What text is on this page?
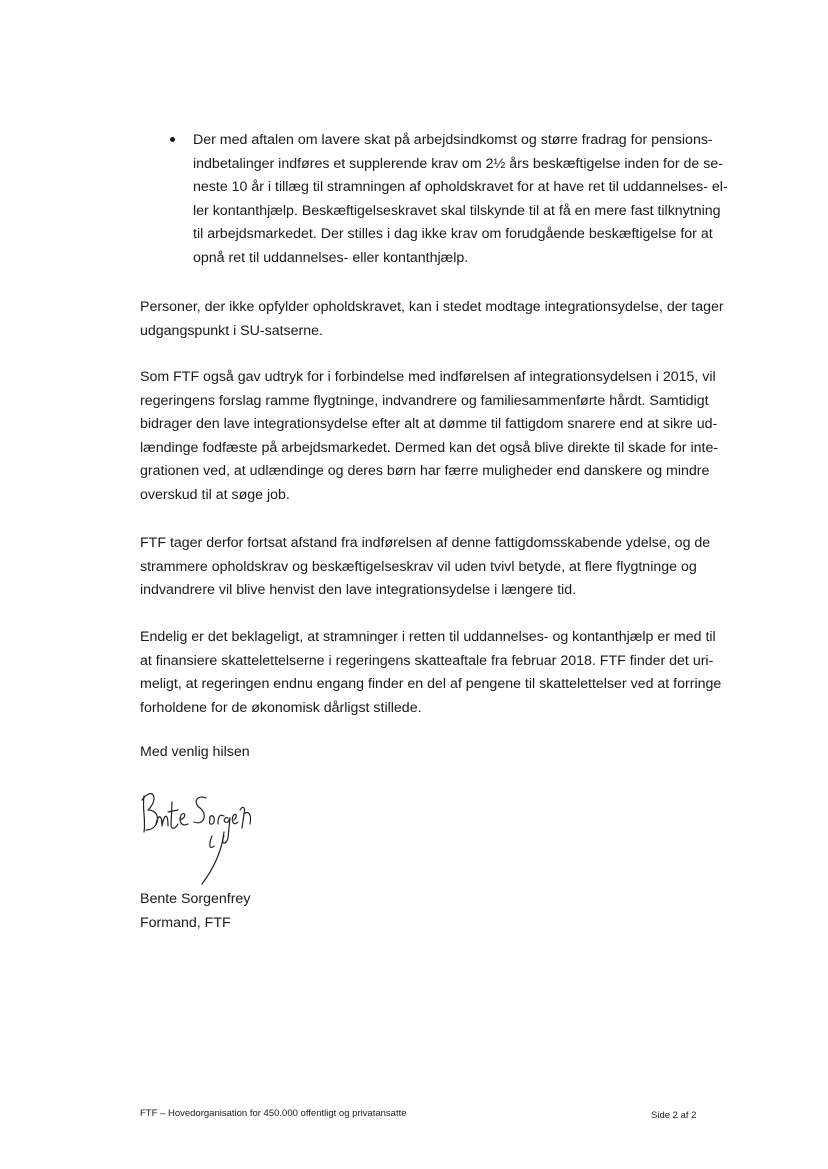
Der med aftalen om lavere skat på arbejdsindkomst og større fradrag for pensions-
indbetalinger indføres et supplerende krav om 2½ års beskæftigelse inden for de se-
neste 10 år i tillæg til stramningen af opholdskravet for at have ret til uddannelses- el-
ler kontanthjælp. Beskæftigelseskravet skal tilskynde til at få en mere fast tilknytning
til arbejdsmarkedet. Der stilles i dag ikke krav om forudgående beskæftigelse for at
opnå ret til uddannelses- eller kontanthjælp.

Personer, der ikke opfylder opholdskravet, kan i stedet modtage integrationsydelse, der tager
udgangspunkt i SU-satserne.

Som FTF også gav udtryk for i forbindelse med indførelsen af integrationsydelsen i 2015, vil
regeringens forslag ramme flygtninge, indvandrere og familiesammenførte hårdt. Samtidigt
bidrager den lave integrationsydelse efter alt at dømme til fattigdom snarere end at sikre ud-
lændinge fodfæste på arbejdsmarkedet. Dermed kan det også blive direkte til skade for inte-
grationen ved, at udlændinge og deres børn har færre muligheder end danskere og mindre
overskud til at søge job.

FTF tager derfor fortsat afstand fra indførelsen af denne fattigdomsskabende ydelse, og de
strammere opholdskrav og beskæftigelseskrav vil uden tvivl betyde, at flere flygtninge og
indvandrere vil blive henvist den lave integrationsydelse i længere tid.

Endelig er det beklageligt, at stramninger i retten til uddannelses- og kontanthjælp er med til
at finansiere skattelettelserne i regeringens skatteaftale fra februar 2018. FTF finder det uri-
meligt, at regeringen endnu engang finder en del af pengene til skattelettelser ved at forringe
forholdene for de økonomisk dårligst stillede.

Med venlig hilsen

Bente Sorgenfrey
Formand, FTF

FTF – Hovedorganisation for 450.000 offentligt og privatansatte	Side 2 af 2
